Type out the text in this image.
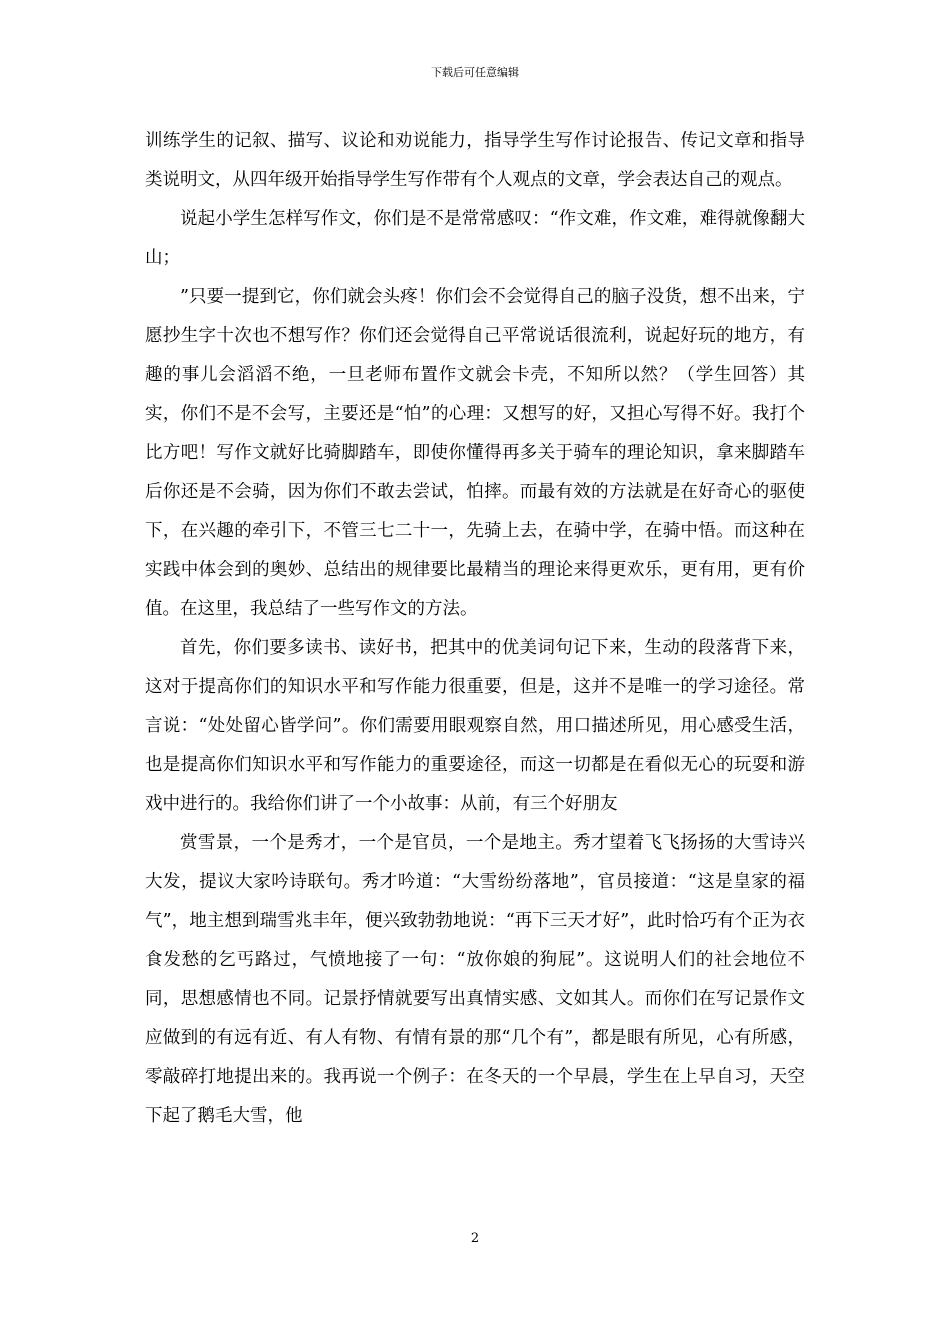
下载后可任意编辑

训练学生的记叙、描写、议论和劝说能力，指导学生写作讨论报告、传记文章和指导类说明文，从四年级开始指导学生写作带有个人观点的文章，学会表达自己的观点。

说起小学生怎样写作文，你们是不是常常感叹：“作文难，作文难，难得就像翻大山；

”只要一提到它，你们就会头疼！你们会不会觉得自己的脑子没货，想不出来，宁愿抄生字十次也不想写作？你们还会觉得自己平常说话很流利，说起好玩的地方，有趣的事儿会滔滔不绝，一旦老师布置作文就会卡壳，不知所以然？（学生回答）其实，你们不是不会写，主要还是“怕”的心理：又想写的好，又担心写得不好。我打个比方吧！写作文就好比骑脚踏车，即使你懂得再多关于骑车的理论知识，拿来脚踏车后你还是不会骑，因为你们不敢去尝试，怕摔。而最有效的方法就是在好奇心的驱使下，在兴趣的牵引下，不管三七二十一，先骑上去，在骑中学，在骑中悟。而这种在实践中体会到的奥妙、总结出的规律要比最精当的理论来得更欢乐，更有用，更有价值。在这里，我总结了一些写作文的方法。

首先，你们要多读书、读好书，把其中的优美词句记下来，生动的段落背下来，这对于提高你们的知识水平和写作能力很重要，但是，这并不是唯一的学习途径。常言说：“处处留心皆学问”。你们需要用眼观察自然，用口描述所见，用心感受生活，也是提高你们知识水平和写作能力的重要途径，而这一切都是在看似无心的玩耍和游戏中进行的。我给你们讲了一个小故事：从前，有三个好朋友

赏雪景，一个是秀才，一个是官员，一个是地主。秀才望着飞飞扬扬的大雪诗兴大发，提议大家吟诗联句。秀才吟道：“大雪纷纷落地”，官员接道：“这是皇家的福气”，地主想到瑞雪兆丰年，便兴致勃勃地说：“再下三天才好”，此时恰巧有个正为衣食发愁的乞丐路过，气愤地接了一句：“放你娘的狗屁”。这说明人们的社会地位不同，思想感情也不同。记景抒情就要写出真情实感、文如其人。而你们在写记景作文应做到的有远有近、有人有物、有情有景的那“几个有”，都是眼有所见，心有所感，零敲碎打地提出来的。我再说一个例子：在冬天的一个早晨，学生在上早自习，天空下起了鹅毛大雪，他

2
